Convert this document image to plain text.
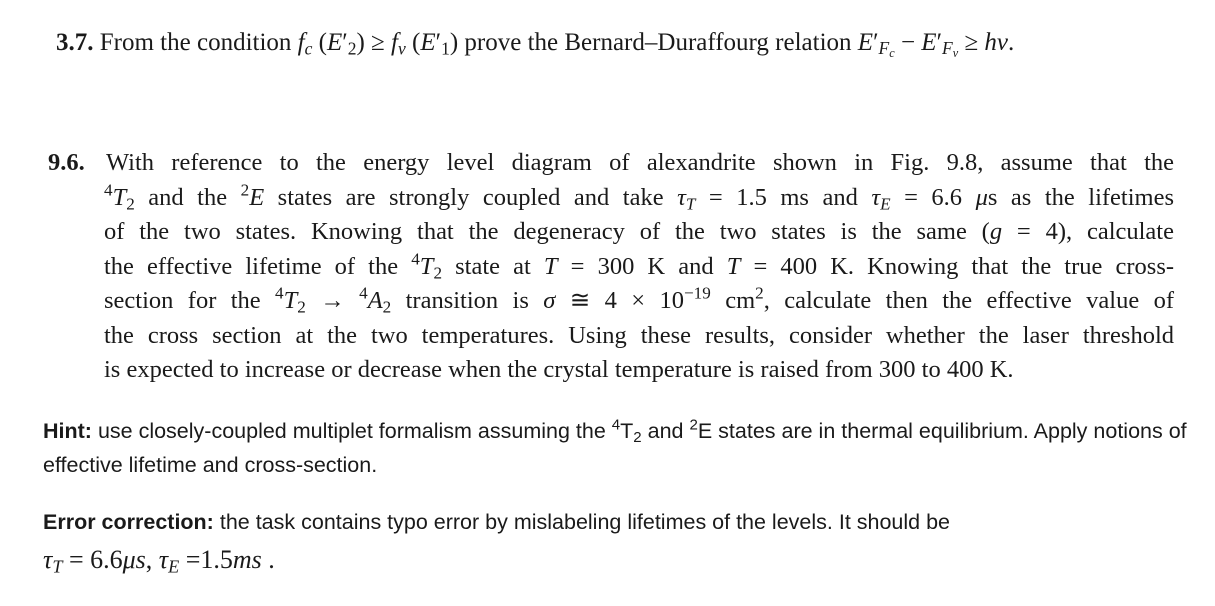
3.7. From the condition $f_c$ $(E'_2) \ge f_v$ $(E'_1)$ prove the Bernard–Duraffourg relation $E'_{F_c} - E'_{F_v} \ge h\nu$.
9.6. With reference to the energy level diagram of alexandrite shown in Fig. 9.8, assume that the
$^4T_2$ and the $^2$E states are strongly coupled and take $\tau_T = 1.5$ ms and $\tau_E = 6.6$ μs as the lifetimes
of the two states. Knowing that the degeneracy of the two states is the same (g = 4), calculate
the effective lifetime of the $^4T_2$ state at T = 300 K and T = 400 K. Knowing that the true cross-
section for the $^4T_2 \to ^4A_2$ transition is σ ≅ $4 \times 10^{-19}$ $cm^2$, calculate then the effective value of
the cross section at the two temperatures. Using these results, consider whether the laser threshold
is expected to increase or decrease when the crystal temperature is raised from 300 to 400 K.
Hint: use closely-coupled multiplet formalism assuming the $^4T_2$ and $^2$E states are in thermal equilibrium. Apply notions of effective lifetime and cross-section.
Error correction: the task contains typo error by mislabeling lifetimes of the levels. It should be
$\tau_T = 6.6\mu s$, $\tau_E =1.5ms$ .
